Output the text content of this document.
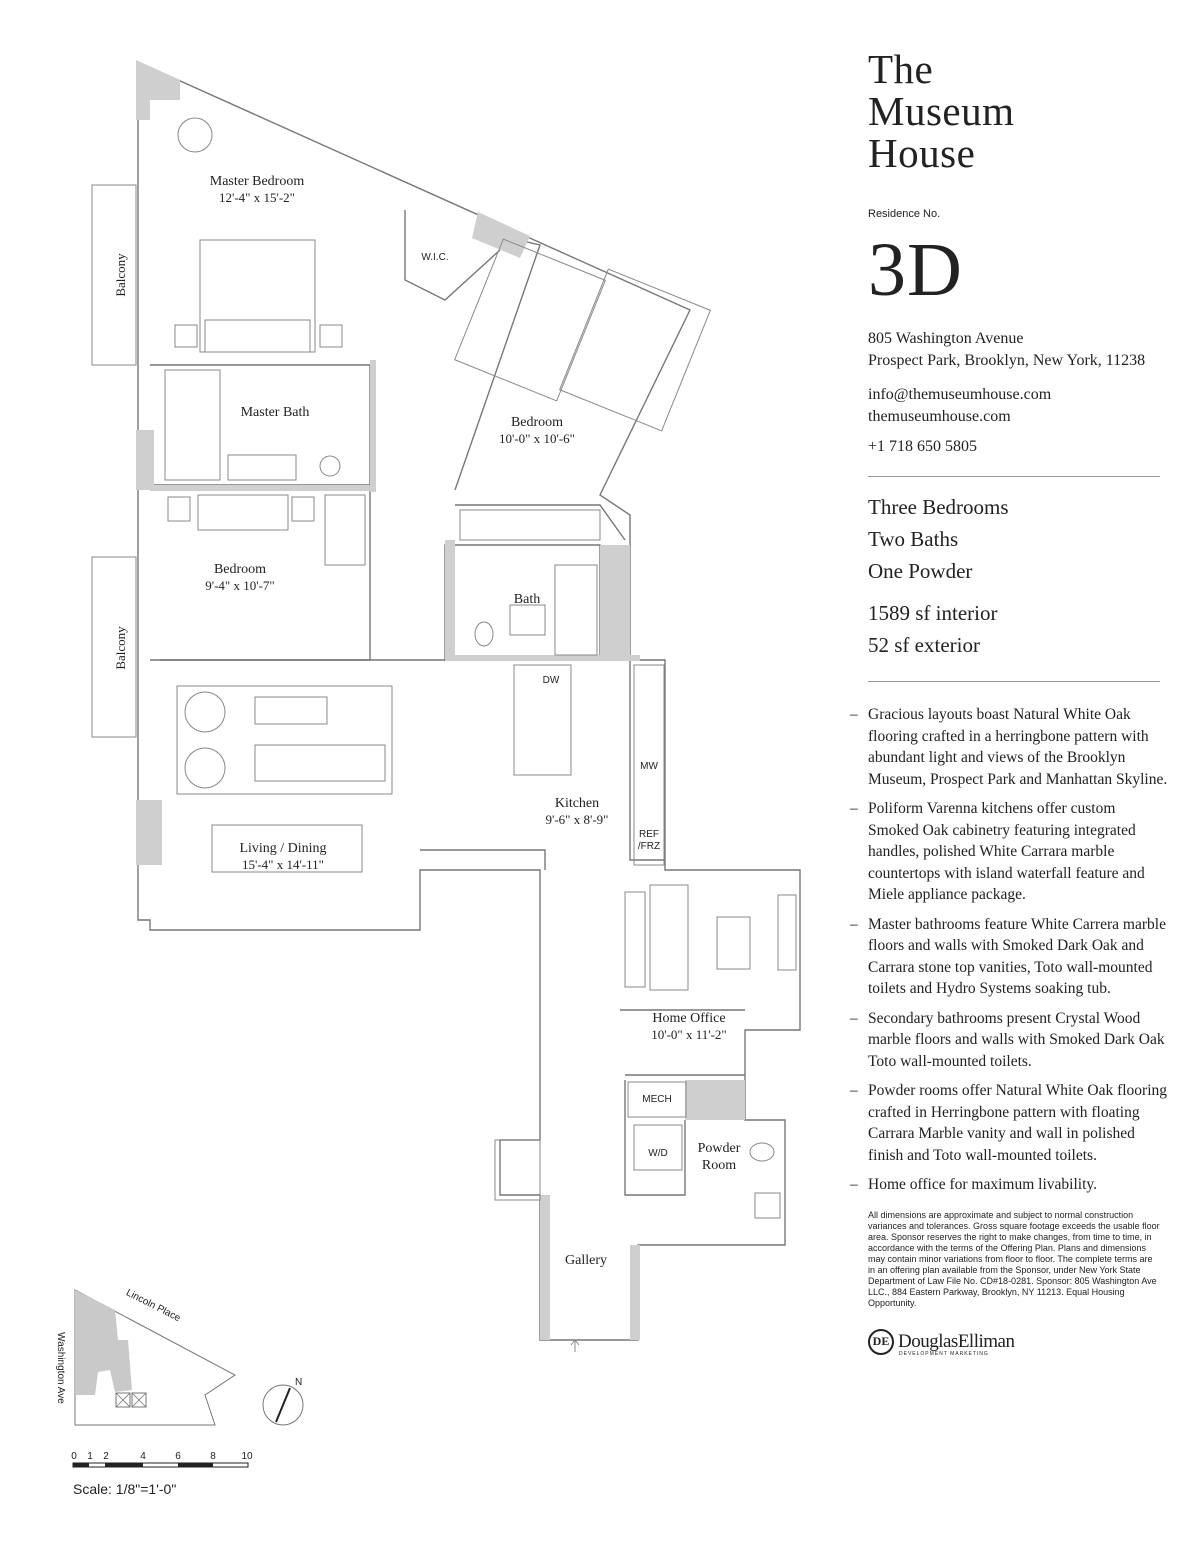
Master Bedroom
12'-4" x 15'-2"
W.I.C.
Master Bath
Bedroom
10'-0" x 10'-6"
Bedroom
9'-4" x 10'-7"
Bath
Balcony
Balcony
DW
MW
REF
/FRZ
Kitchen
9'-6" x 8'-9"
Living / Dining
15'-4" x 14'-11"
Home Office
10'-0" x 11'-2"
MECH
W/D Powder
Room
Gallery
Lincoln Place
Washington Ave	N
0 1 2	4	6	8	10
Scale: 1/8"=1'-0"
The
Museum
House
Residence No.
3D
805 Washington Avenue
Prospect Park, Brooklyn, New York, 11238
info@themuseumhouse.com
themuseumhouse.com
+1 718 650 5805
Three Bedrooms
Two Baths
One Powder
1589 sf interior
52 sf exterior
– Gracious layouts boast Natural White Oak flooring crafted in a herringbone pattern with abundant light and views of the Brooklyn Museum, Prospect Park and Manhattan Skyline.
– Poliform Varenna kitchens offer custom Smoked Oak cabinetry featuring integrated handles, polished White Carrara marble countertops with island waterfall feature and Miele appliance package.
– Master bathrooms feature White Carrera marble floors and walls with Smoked Dark Oak and Carrara stone top vanities, Toto wall-mounted toilets and Hydro Systems soaking tub.
– Secondary bathrooms present Crystal Wood marble floors and walls with Smoked Dark Oak Toto wall-mounted toilets.
– Powder rooms offer Natural White Oak flooring crafted in Herringbone pattern with floating Carrara Marble vanity and wall in polished finish and Toto wall-mounted toilets.
– Home office for maximum livability.
All dimensions are approximate and subject to normal construction variances and tolerances. Gross square footage exceeds the usable floor area. Sponsor reserves the right to make changes, from time to time, in accordance with the terms of the Offering Plan. Plans and dimensions may contain minor variations from floor to floor. The complete terms are in an offering plan available from the Sponsor, under New York State Department of Law File No. CD#18-0281. Sponsor: 805 Washington Ave LLC., 884 Eastern Parkway, Brooklyn, NY 11213. Equal Housing Opportunity.
DE DouglasElliman
DEVELOPMENT MARKETING
